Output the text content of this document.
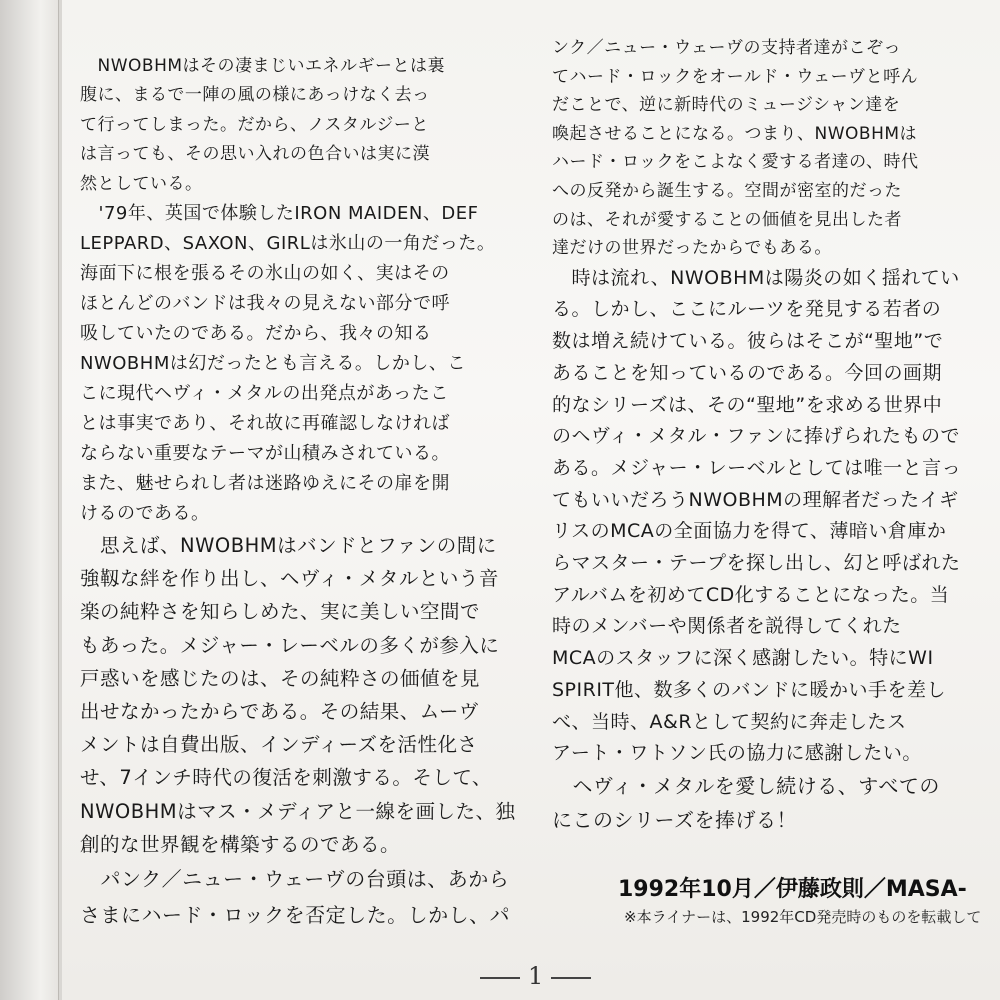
　NWOBHMはその凄まじいエネルギーとは裏

腹に、まるで一陣の風の様にあっけなく去っ

て行ってしまった。だから、ノスタルジーと

は言っても、その思い入れの色合いは実に漠

然としている。

　'79年、英国で体験したIRON MAIDEN、DEF

LEPPARD、SAXON、GIRLは氷山の一角だった。

海面下に根を張るその氷山の如く、実はその

ほとんどのバンドは我々の見えない部分で呼

吸していたのである。だから、我々の知る

NWOBHMは幻だったとも言える。しかし、こ

こに現代ヘヴィ・メタルの出発点があったこ

とは事実であり、それ故に再確認しなければ

ならない重要なテーマが山積みされている。

また、魅せられし者は迷路ゆえにその扉を開

けるのである。

　思えば、NWOBHMはバンドとファンの間に

強靱な絆を作り出し、ヘヴィ・メタルという音

楽の純粋さを知らしめた、実に美しい空間で

もあった。メジャー・レーベルの多くが参入に

戸惑いを感じたのは、その純粋さの価値を見

出せなかったからである。その結果、ムーヴ

メントは自費出版、インディーズを活性化さ

せ、7インチ時代の復活を刺激する。そして、

NWOBHMはマス・メディアと一線を画した、独

創的な世界観を構築するのである。

　パンク／ニュー・ウェーヴの台頭は、あから

さまにハード・ロックを否定した。しかし、パ

ンク／ニュー・ウェーヴの支持者達がこぞっ

てハード・ロックをオールド・ウェーヴと呼ん

だことで、逆に新時代のミュージシャン達を

喚起させることになる。つまり、NWOBHMは

ハード・ロックをこよなく愛する者達の、時代

への反発から誕生する。空間が密室的だった

のは、それが愛することの価値を見出した者

達だけの世界だったからでもある。

　時は流れ、NWOBHMは陽炎の如く揺れてい

る。しかし、ここにルーツを発見する若者の

数は増え続けている。彼らはそこが“聖地”で

あることを知っているのである。今回の画期

的なシリーズは、その“聖地”を求める世界中

のヘヴィ・メタル・ファンに捧げられたもので

ある。メジャー・レーベルとしては唯一と言っ

てもいいだろうNWOBHMの理解者だったイギ

リスのMCAの全面協力を得て、薄暗い倉庫か

らマスター・テープを探し出し、幻と呼ばれた

アルバムを初めてCD化することになった。当

時のメンバーや関係者を説得してくれた

MCAのスタッフに深く感謝したい。特にWI

SPIRIT他、数多くのバンドに暖かい手を差し

べ、当時、A&Rとして契約に奔走したス

アート・ワトソン氏の協力に感謝したい。

　ヘヴィ・メタルを愛し続ける、すべての

にこのシリーズを捧げる！

1992年10月／伊藤政則／MASA-
※本ライナーは、1992年CD発売時のものを転載して
1
